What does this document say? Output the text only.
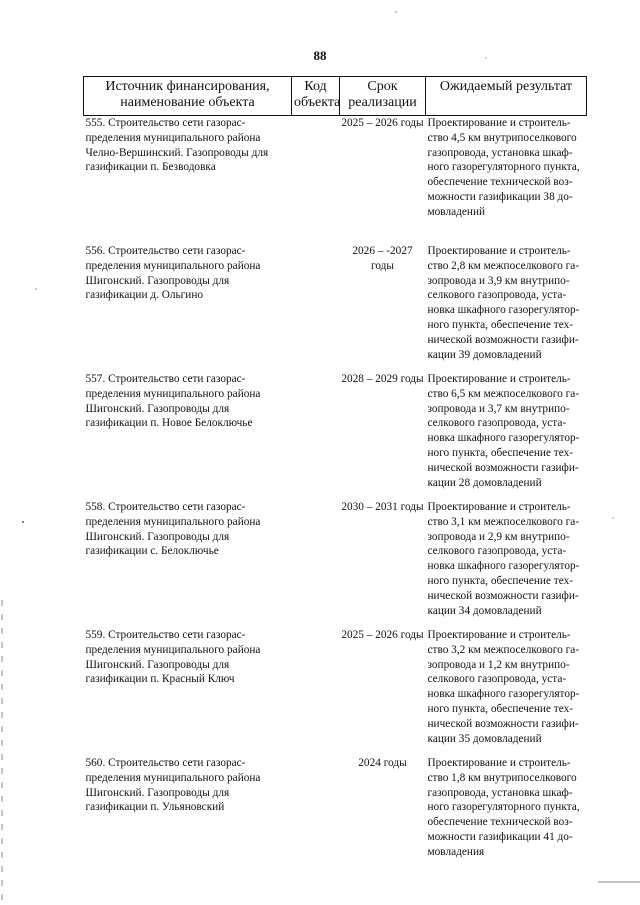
88
Источник финансирования, наименование объекта	Код объекта	Срок реализации	Ожидаемый результат
555. Строительство сети газораспределения муниципального района Челно-Вершинский. Газопроводы для газификации п. Безводовка		2025 – 2026 годы	Проектирование и строительство 4,5 км внутрипоселкового газопровода, установка шкафного газорегуляторного пункта, обеспечение технической возможности газификации 38 домовладений
556. Строительство сети газораспределения муниципального района Шигонский. Газопроводы для газификации д. Ольгино		2026 – -2027 годы	Проектирование и строительство 2,8 км межпоселкового газопровода и 3,9 км внутрипоселкового газопровода, установка шкафного газорегуляторного пункта, обеспечение технической возможности газификации 39 домовладений
557. Строительство сети газораспределения муниципального района Шигонский. Газопроводы для газификации п. Новое Белоключье		2028 – 2029 годы	Проектирование и строительство 6,5 км межпоселкового газопровода и 3,7 км внутрипоселкового газопровода, установка шкафного газорегуляторного пункта, обеспечение технической возможности газификации 28 домовладений
558. Строительство сети газораспределения муниципального района Шигонский. Газопроводы для газификации с. Белоключье		2030 – 2031 годы	Проектирование и строительство 3,1 км межпоселкового газопровода и 2,9 км внутрипоселкового газопровода, установка шкафного газорегуляторного пункта, обеспечение технической возможности газификации 34 домовладений
559. Строительство сети газораспределения муниципального района Шигонский. Газопроводы для газификации п. Красный Ключ		2025 – 2026 годы	Проектирование и строительство 3,2 км межпоселкового газопровода и 1,2 км внутрипоселкового газопровода, установка шкафного газорегуляторного пункта, обеспечение технической возможности газификации 35 домовладений
560. Строительство сети газораспределения муниципального района Шигонский. Газопроводы для газификации п. Ульяновский		2024 годы	Проектирование и строительство 1,8 км внутрипоселкового газопровода, установка шкафного газорегуляторного пункта, обеспечение технической возможности газификации 41 домовладения
